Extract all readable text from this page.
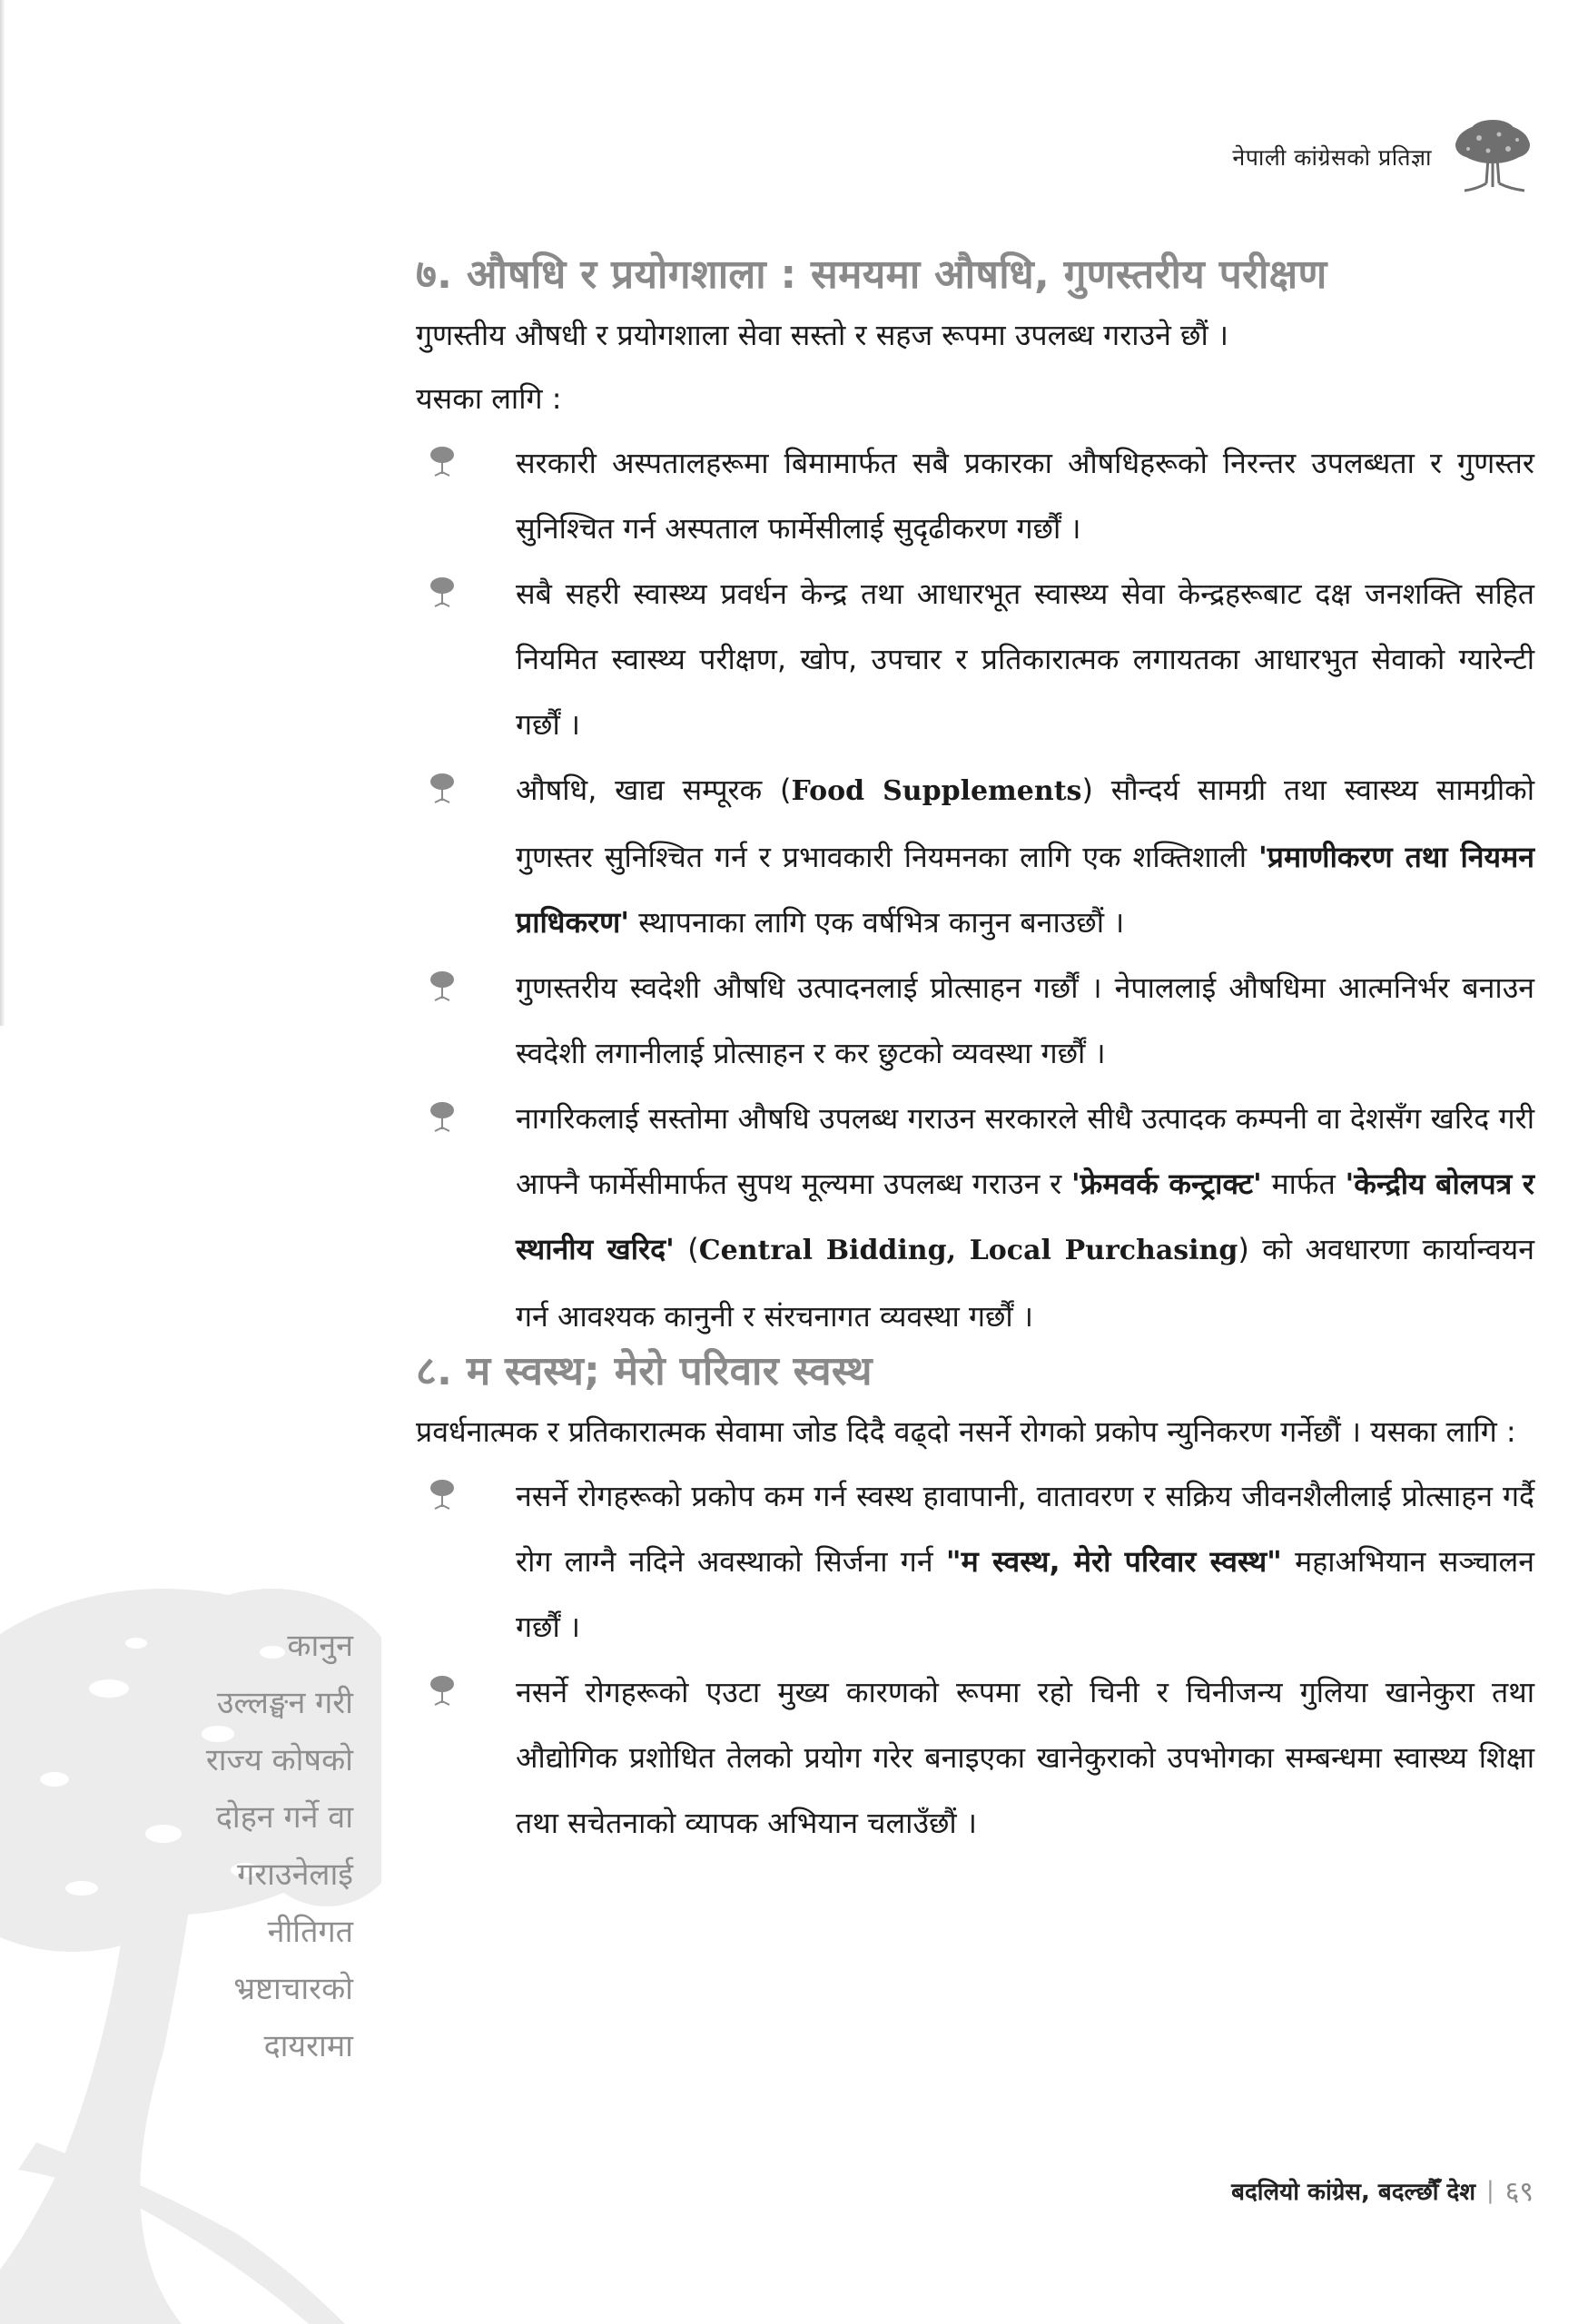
नेपाली कांग्रेसको प्रतिज्ञा
कानुन
उल्लङ्घन गरी
राज्य कोषको
दोहन गर्ने वा
गराउनेलाई
नीतिगत
भ्रष्टाचारको
दायरामा
७. औषधि र प्रयोगशाला : समयमा औषधि, गुणस्तरीय परीक्षण

गुणस्तीय औषधी र प्रयोगशाला सेवा सस्तो र सहज रूपमा उपलब्ध गराउने छौं ।
यसका लागि :

सरकारी अस्पतालहरूमा बिमामार्फत सबै प्रकारका औषधिहरूको निरन्तर उपलब्धता र गुणस्तर सुनिश्चित गर्न अस्पताल फार्मेसीलाई सुदृढीकरण गर्छौं ।
सबै सहरी स्वास्थ्य प्रवर्धन केन्द्र तथा आधारभूत स्वास्थ्य सेवा केन्द्रहरूबाट दक्ष जनशक्ति सहित नियमित स्वास्थ्य परीक्षण, खोप, उपचार र प्रतिकारात्मक लगायतका आधारभुत सेवाको ग्यारेन्टी गर्छौं ।
औषधि, खाद्य सम्पूरक (Food Supplements) सौन्दर्य सामग्री तथा स्वास्थ्य सामग्रीको गुणस्तर सुनिश्चित गर्न र प्रभावकारी नियमनका लागि एक शक्तिशाली 'प्रमाणीकरण तथा नियमन प्राधिकरण' स्थापनाका लागि एक वर्षभित्र कानुन बनाउछौं ।
गुणस्तरीय स्वदेशी औषधि उत्पादनलाई प्रोत्साहन गर्छौं । नेपाललाई औषधिमा आत्मनिर्भर बनाउन स्वदेशी लगानीलाई प्रोत्साहन र कर छुटको व्यवस्था गर्छौं ।
नागरिकलाई सस्तोमा औषधि उपलब्ध गराउन सरकारले सीधै उत्पादक कम्पनी वा देशसँग खरिद गरी आफ्नै फार्मेसीमार्फत सुपथ मूल्यमा उपलब्ध गराउन र 'फ्रेमवर्क कन्ट्राक्ट' मार्फत 'केन्द्रीय बोलपत्र र स्थानीय खरिद' (Central Bidding, Local Purchasing) को अवधारणा कार्यान्वयन गर्न आवश्यक कानुनी र संरचनागत व्यवस्था गर्छौं ।
८. म स्वस्थ; मेरो परिवार स्वस्थ

प्रवर्धनात्मक र प्रतिकारात्मक सेवामा जोड दिदै वढ्दो नसर्ने रोगको प्रकोप न्युनिकरण गर्नेछौं । यसका लागि :

नसर्ने रोगहरूको प्रकोप कम गर्न स्वस्थ हावापानी, वातावरण र सक्रिय जीवनशैलीलाई प्रोत्साहन गर्दै रोग लाग्नै नदिने अवस्थाको सिर्जना गर्न "म स्वस्थ, मेरो परिवार स्वस्थ" महाअभियान सञ्चालन गर्छौं ।
नसर्ने रोगहरूको एउटा मुख्य कारणको रूपमा रहो चिनी र चिनीजन्य गुलिया खानेकुरा तथा औद्योगिक प्रशोधित तेलको प्रयोग गरेर बनाइएका खानेकुराको उपभोगका सम्बन्धमा स्वास्थ्य शिक्षा तथा सचेतनाको व्यापक अभियान चलाउँछौं ।
बदलियो कांग्रेस, बदल्छौँ देश | ६९
